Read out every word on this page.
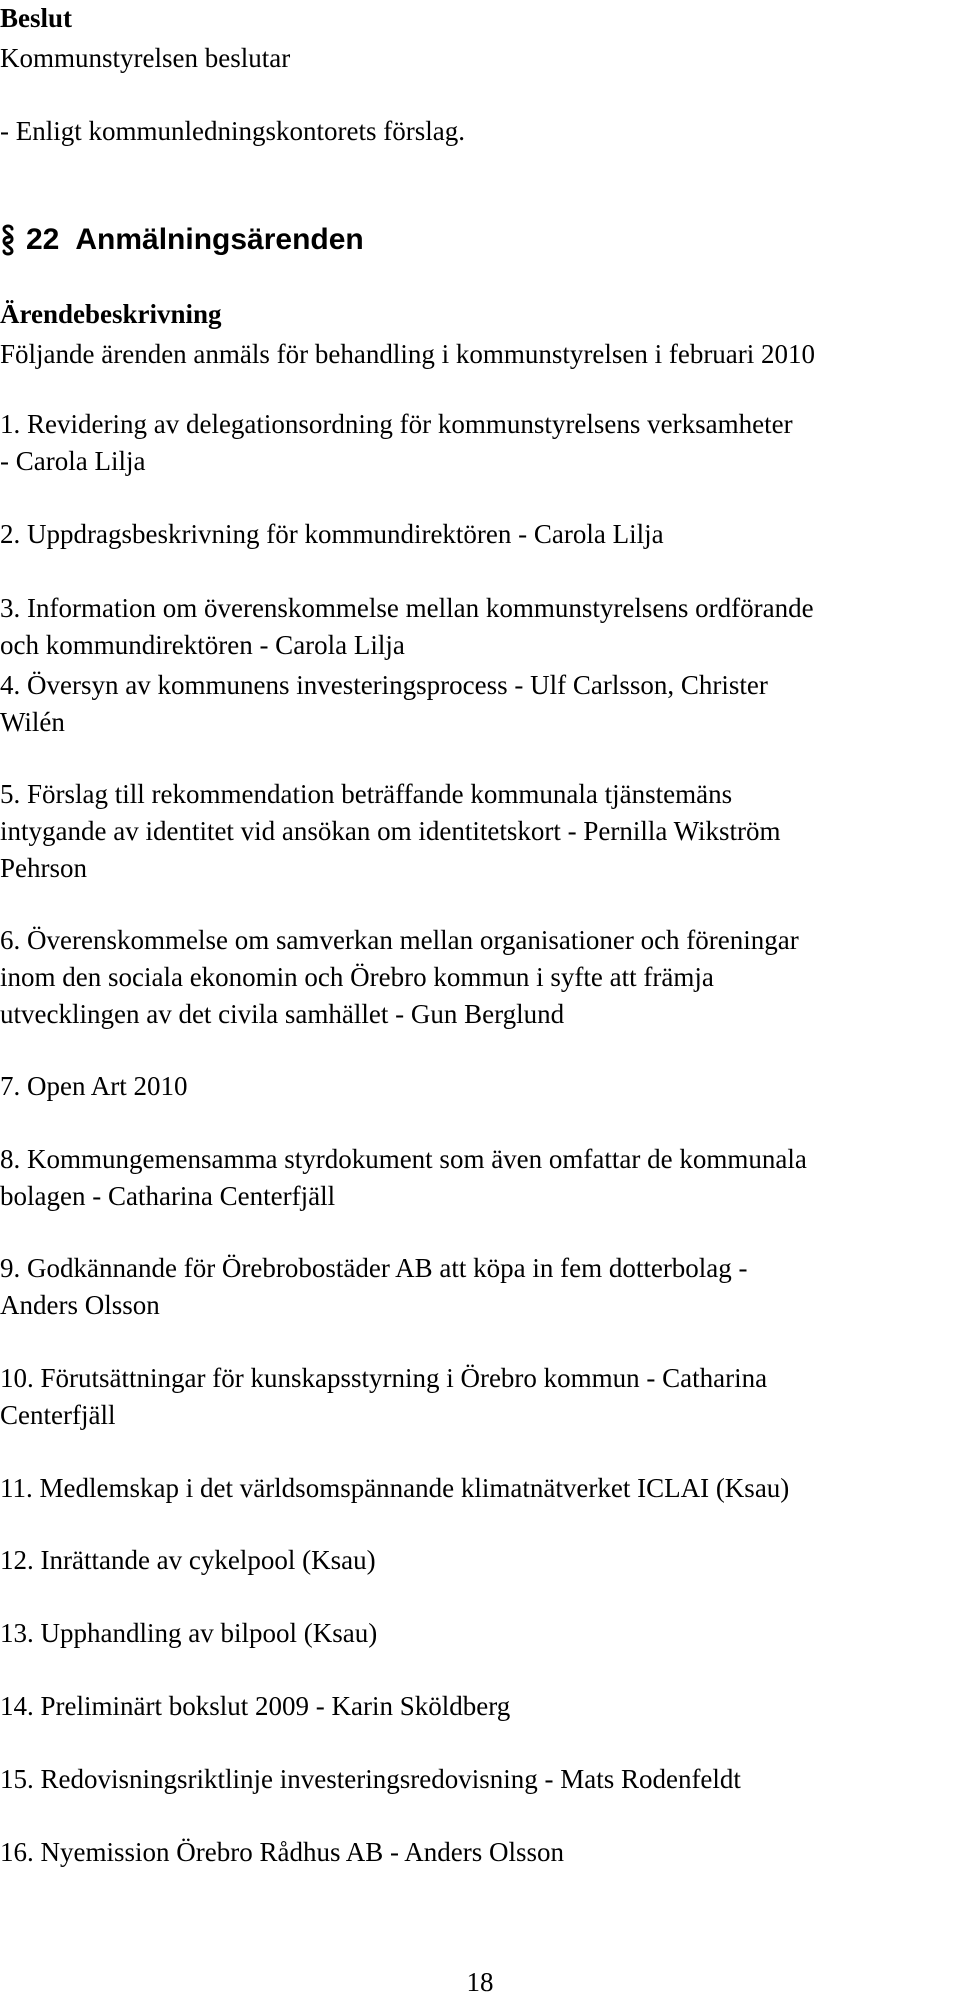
Beslut

Kommunstyrelsen beslutar

- Enligt kommunledningskontorets förslag.

22 Anmälningsärenden

Ärendebeskrivning

Följande ärenden anmäls för behandling i kommunstyrelsen i februari 2010

1. Revidering av delegationsordning för kommunstyrelsens verksamheter
- Carola Lilja
2. Uppdragsbeskrivning för kommundirektören - Carola Lilja
3. Information om överenskommelse mellan kommunstyrelsens ordförande
och kommundirektören - Carola Lilja
4. Översyn av kommunens investeringsprocess - Ulf Carlsson, Christer
Wilén
5. Förslag till rekommendation beträffande kommunala tjänstemäns
intygande av identitet vid ansökan om identitetskort - Pernilla Wikström
Pehrson
6. Överenskommelse om samverkan mellan organisationer och föreningar
inom den sociala ekonomin och Örebro kommun i syfte att främja
utvecklingen av det civila samhället - Gun Berglund
7. Open Art 2010
8. Kommungemensamma styrdokument som även omfattar de kommunala
bolagen - Catharina Centerfjäll
9. Godkännande för Örebrobostäder AB att köpa in fem dotterbolag -
Anders Olsson
10. Förutsättningar för kunskapsstyrning i Örebro kommun - Catharina
Centerfjäll
11. Medlemskap i det världsomspännande klimatnätverket ICLAI (Ksau)
12. Inrättande av cykelpool (Ksau)
13. Upphandling av bilpool (Ksau)
14. Preliminärt bokslut 2009 - Karin Sköldberg
15. Redovisningsriktlinje investeringsredovisning - Mats Rodenfeldt
16. Nyemission Örebro Rådhus AB - Anders Olsson
18
